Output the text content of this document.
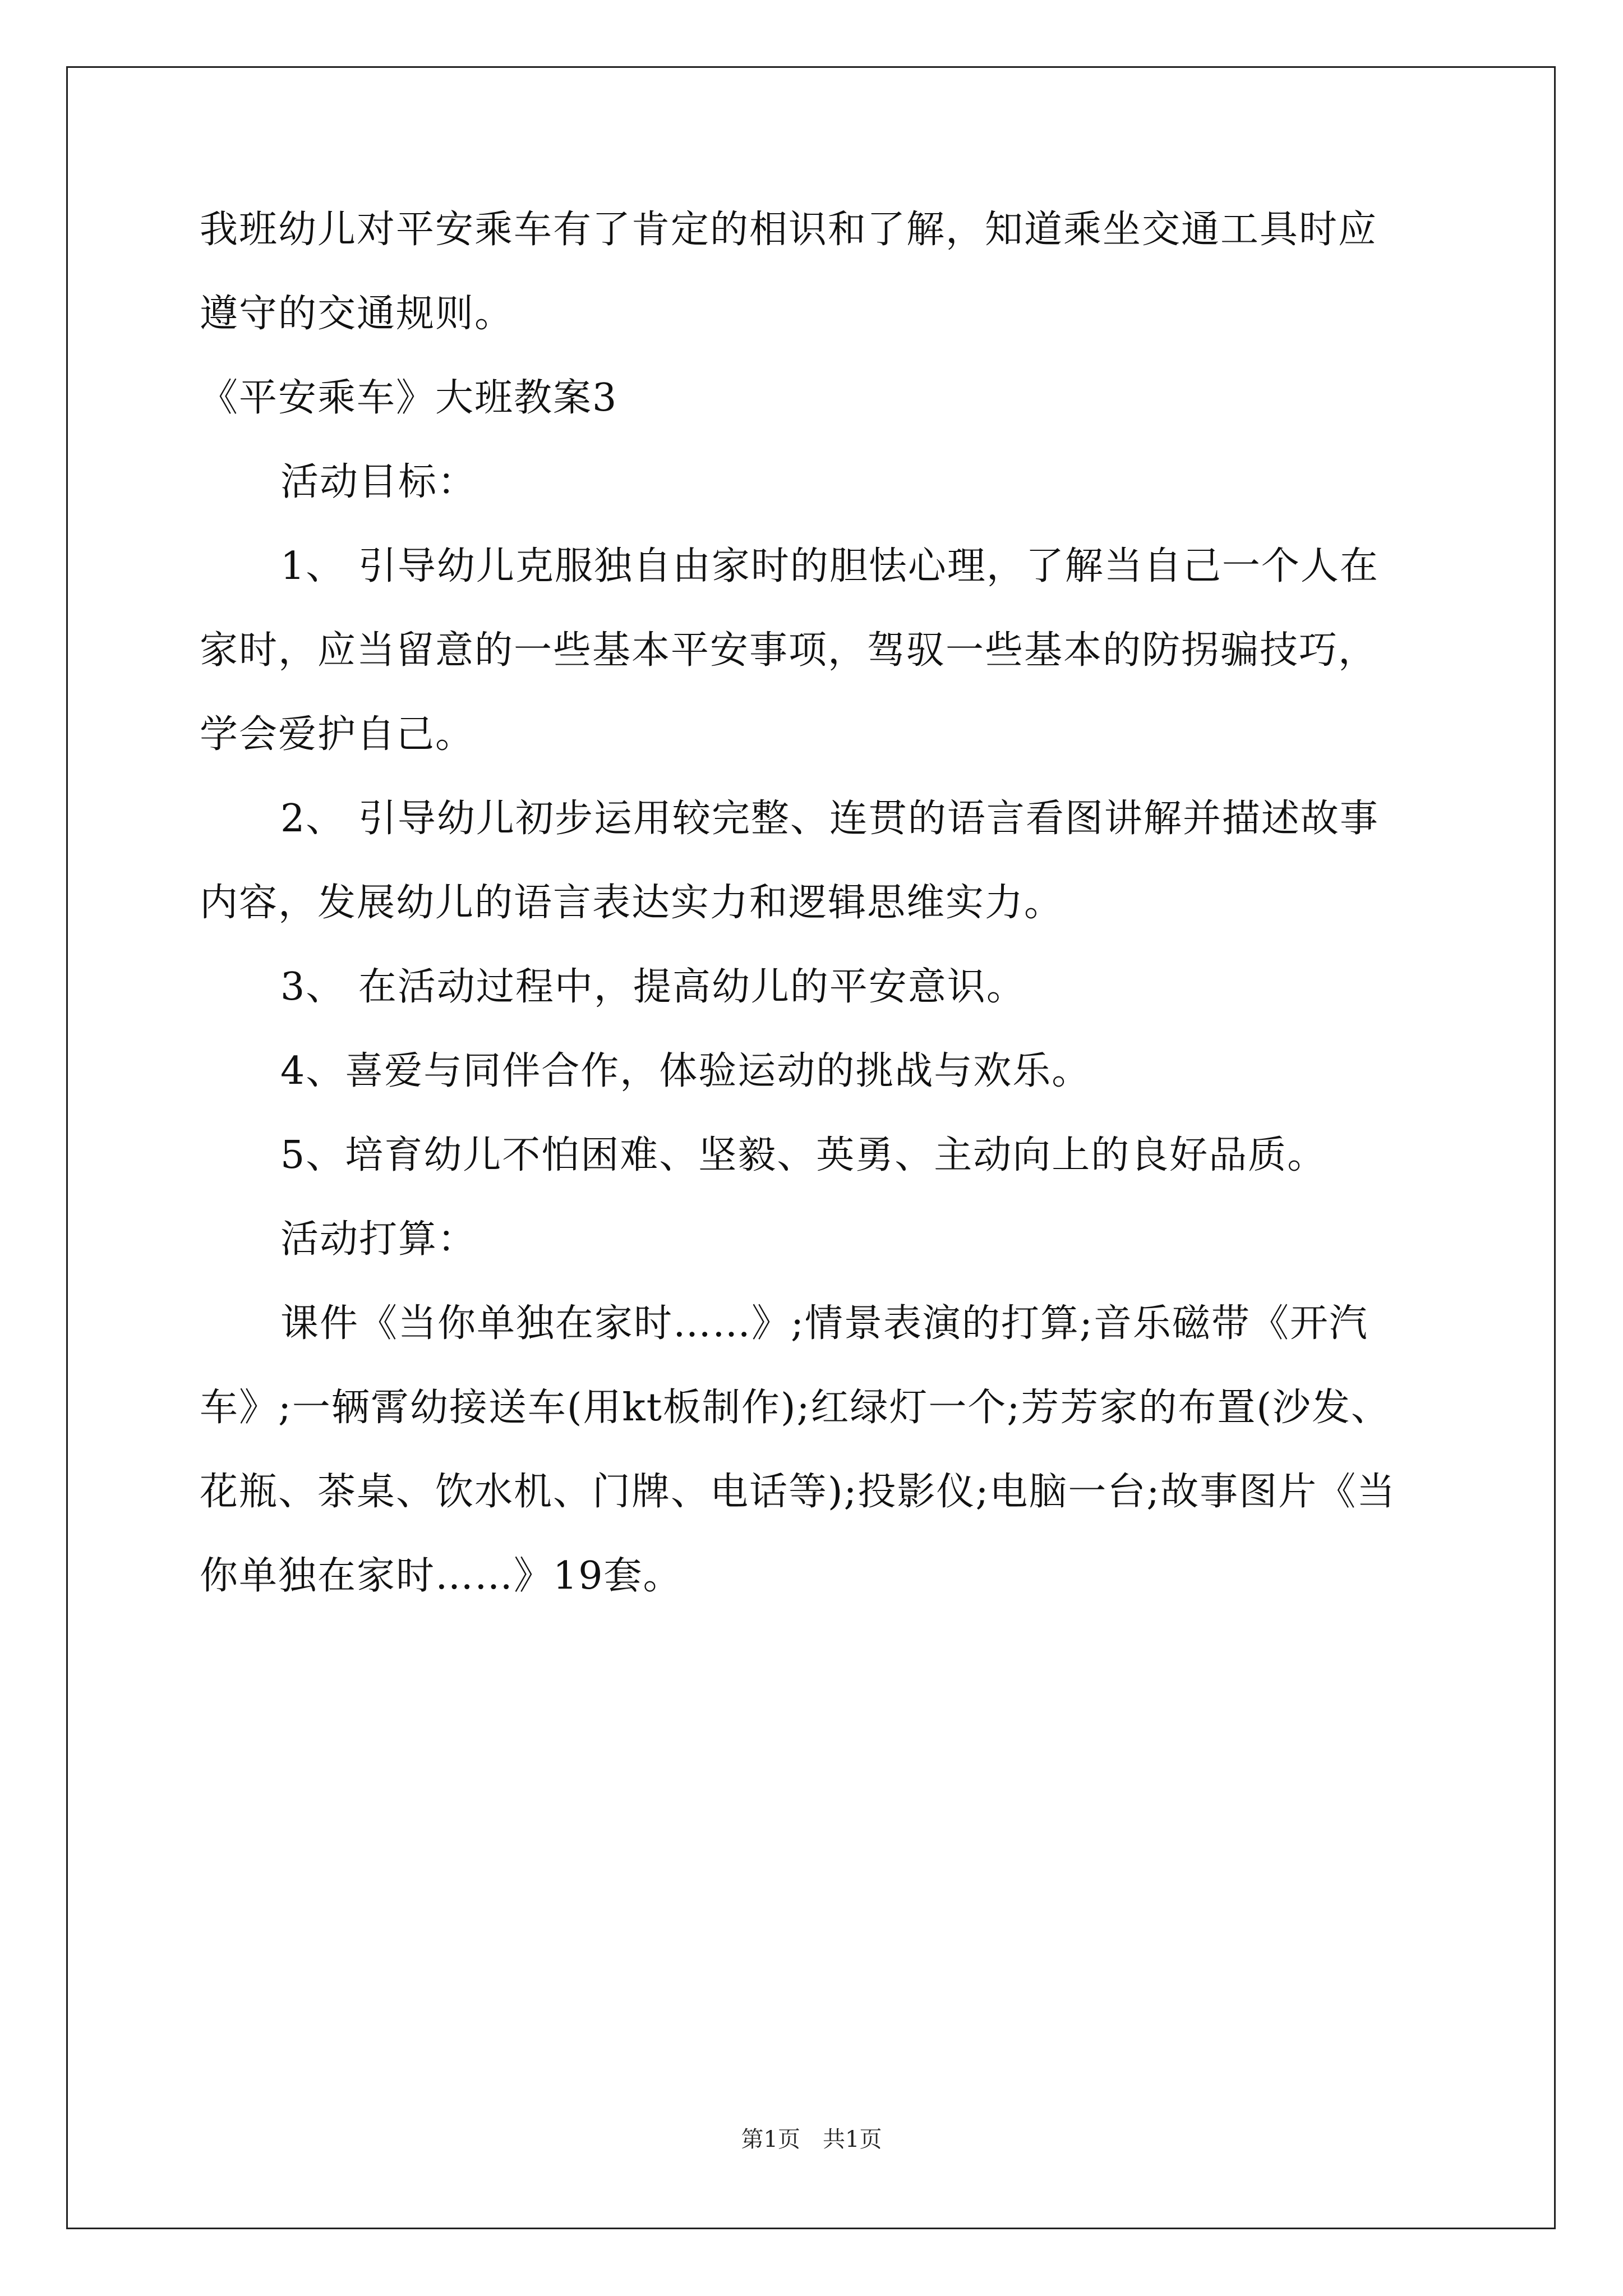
我班幼儿对平安乘车有了肯定的相识和了解，知道乘坐交通工具时应
遵守的交通规则。
《平安乘车》大班教案3
活动目标：
1、 引导幼儿克服独自由家时的胆怯心理，了解当自己一个人在
家时，应当留意的一些基本平安事项，驾驭一些基本的防拐骗技巧，
学会爱护自己。
2、 引导幼儿初步运用较完整、连贯的语言看图讲解并描述故事
内容，发展幼儿的语言表达实力和逻辑思维实力。
3、 在活动过程中，提高幼儿的平安意识。
4、喜爱与同伴合作，体验运动的挑战与欢乐。
5、培育幼儿不怕困难、坚毅、英勇、主动向上的良好品质。
活动打算：
课件《当你单独在家时……》;情景表演的打算;音乐磁带《开汽
车》;一辆霄幼接送车(用kt板制作);红绿灯一个;芳芳家的布置(沙发、
花瓶、茶桌、饮水机、门牌、电话等);投影仪;电脑一台;故事图片《当
你单独在家时……》19套。
第1页　共1页
